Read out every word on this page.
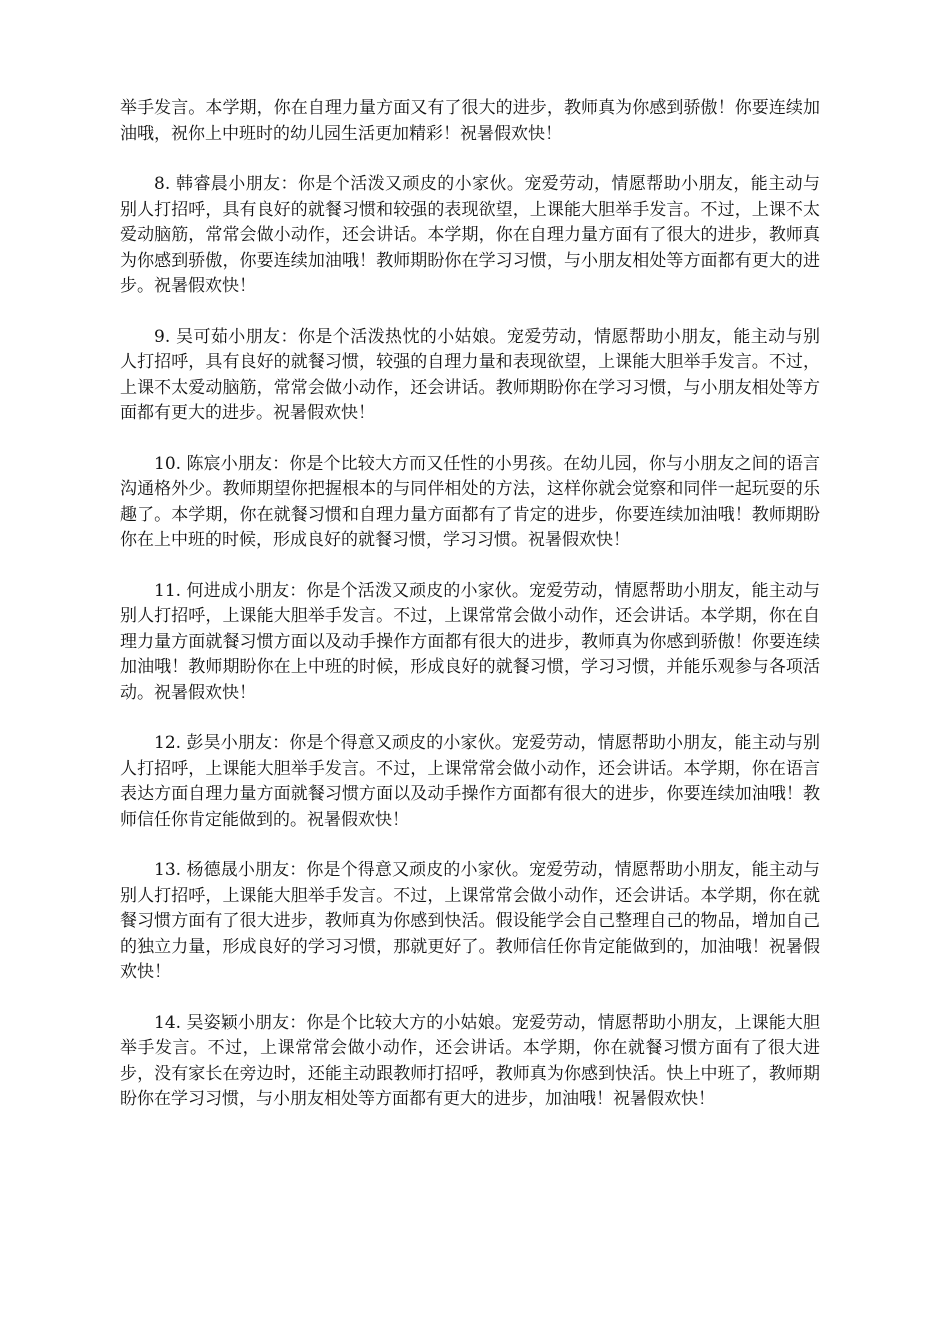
举手发言。本学期，你在自理力量方面又有了很大的进步，教师真为你感到骄傲！你要连续加油哦，祝你上中班时的幼儿园生活更加精彩！祝暑假欢快！

8. 韩睿晨小朋友：你是个活泼又顽皮的小家伙。宠爱劳动，情愿帮助小朋友，能主动与别人打招呼，具有良好的就餐习惯和较强的表现欲望，上课能大胆举手发言。不过，上课不太爱动脑筋，常常会做小动作，还会讲话。本学期，你在自理力量方面有了很大的进步，教师真为你感到骄傲，你要连续加油哦！教师期盼你在学习习惯，与小朋友相处等方面都有更大的进步。祝暑假欢快！

9. 吴可茹小朋友：你是个活泼热忱的小姑娘。宠爱劳动，情愿帮助小朋友，能主动与别人打招呼，具有良好的就餐习惯，较强的自理力量和表现欲望，上课能大胆举手发言。不过，上课不太爱动脑筋，常常会做小动作，还会讲话。教师期盼你在学习习惯，与小朋友相处等方面都有更大的进步。祝暑假欢快！

10. 陈宸小朋友：你是个比较大方而又任性的小男孩。在幼儿园，你与小朋友之间的语言沟通格外少。教师期望你把握根本的与同伴相处的方法，这样你就会觉察和同伴一起玩耍的乐趣了。本学期，你在就餐习惯和自理力量方面都有了肯定的进步，你要连续加油哦！教师期盼你在上中班的时候，形成良好的就餐习惯，学习习惯。祝暑假欢快！

11. 何进成小朋友：你是个活泼又顽皮的小家伙。宠爱劳动，情愿帮助小朋友，能主动与别人打招呼，上课能大胆举手发言。不过，上课常常会做小动作，还会讲话。本学期，你在自理力量方面就餐习惯方面以及动手操作方面都有很大的进步，教师真为你感到骄傲！你要连续加油哦！教师期盼你在上中班的时候，形成良好的就餐习惯，学习习惯，并能乐观参与各项活动。祝暑假欢快！

12. 彭昊小朋友：你是个得意又顽皮的小家伙。宠爱劳动，情愿帮助小朋友，能主动与别人打招呼，上课能大胆举手发言。不过，上课常常会做小动作，还会讲话。本学期，你在语言表达方面自理力量方面就餐习惯方面以及动手操作方面都有很大的进步，你要连续加油哦！教师信任你肯定能做到的。祝暑假欢快！

13. 杨德晟小朋友：你是个得意又顽皮的小家伙。宠爱劳动，情愿帮助小朋友，能主动与别人打招呼，上课能大胆举手发言。不过，上课常常会做小动作，还会讲话。本学期，你在就餐习惯方面有了很大进步，教师真为你感到快活。假设能学会自己整理自己的物品，增加自己的独立力量，形成良好的学习习惯，那就更好了。教师信任你肯定能做到的，加油哦！祝暑假欢快！

14. 吴姿颖小朋友：你是个比较大方的小姑娘。宠爱劳动，情愿帮助小朋友，上课能大胆举手发言。不过，上课常常会做小动作，还会讲话。本学期，你在就餐习惯方面有了很大进步，没有家长在旁边时，还能主动跟教师打招呼，教师真为你感到快活。快上中班了，教师期盼你在学习习惯，与小朋友相处等方面都有更大的进步，加油哦！祝暑假欢快！
